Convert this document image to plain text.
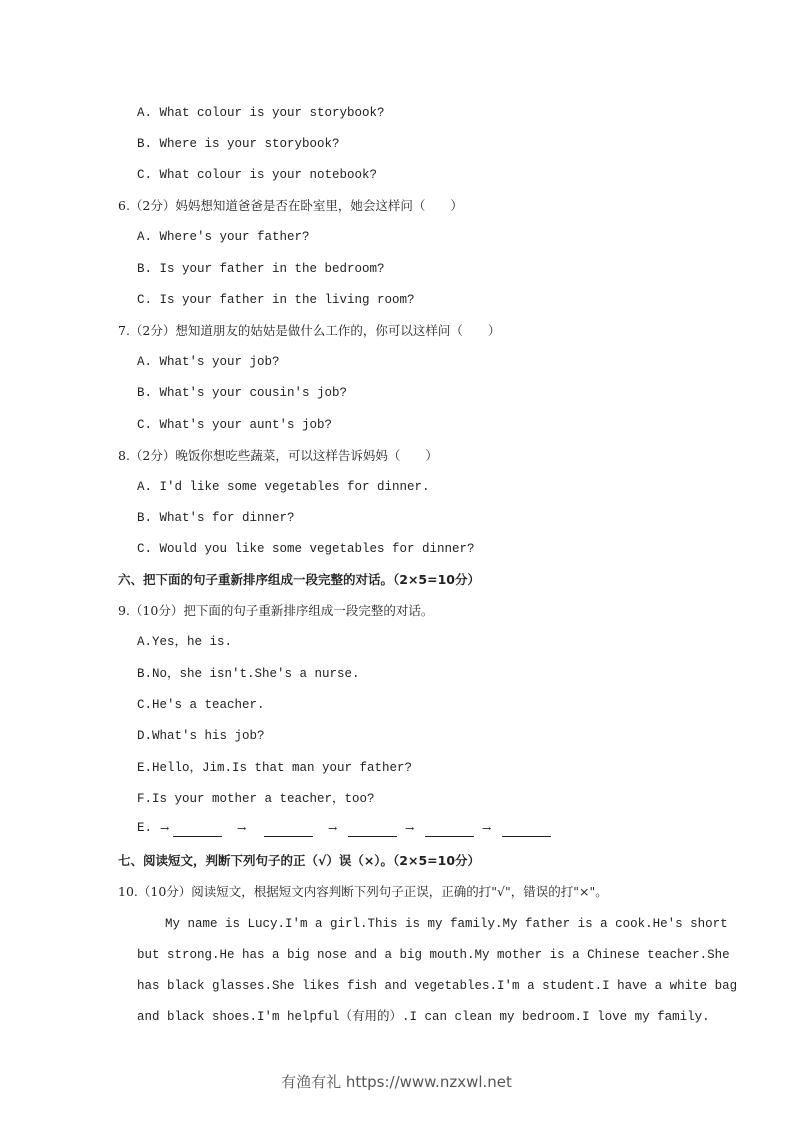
A. What colour is your storybook?
B. Where is your storybook?
C. What colour is your notebook?
6.（2分）妈妈想知道爸爸是否在卧室里，她会这样问（　　）
A. Where's your father?
B. Is your father in the bedroom?
C. Is your father in the living room?
7.（2分）想知道朋友的姑姑是做什么工作的，你可以这样问（　　）
A. What's your job?
B. What's your cousin's job?
C. What's your aunt's job?
8.（2分）晚饭你想吃些蔬菜，可以这样告诉妈妈（　　）
A. I'd like some vegetables for dinner.
B. What's for dinner?
C. Would you like some vegetables for dinner?
六、把下面的句子重新排序组成一段完整的对话。（2×5=10分）
9.（10分）把下面的句子重新排序组成一段完整的对话。
A.Yes，he is.
B.No，she isn't.She's a nurse.
C.He's a teacher.
D.What's his job?
E.Hello，Jim.Is that man your father?
F.Is your mother a teacher，too?
E. →	→	→	→	→
七、阅读短文，判断下列句子的正（√）误（×）。（2×5=10分）
10.（10分）阅读短文，根据短文内容判断下列句子正误，正确的打"√"，错误的打"×"。
My name is Lucy.I'm a girl.This is my family.My father is a cook.He's short
but strong.He has a big nose and a big mouth.My mother is a Chinese teacher.She
has black glasses.She likes fish and vegetables.I'm a student.I have a white bag
and black shoes.I'm helpful（有用的）.I can clean my bedroom.I love my family.
有渔有礼 https://www.nzxwl.net
